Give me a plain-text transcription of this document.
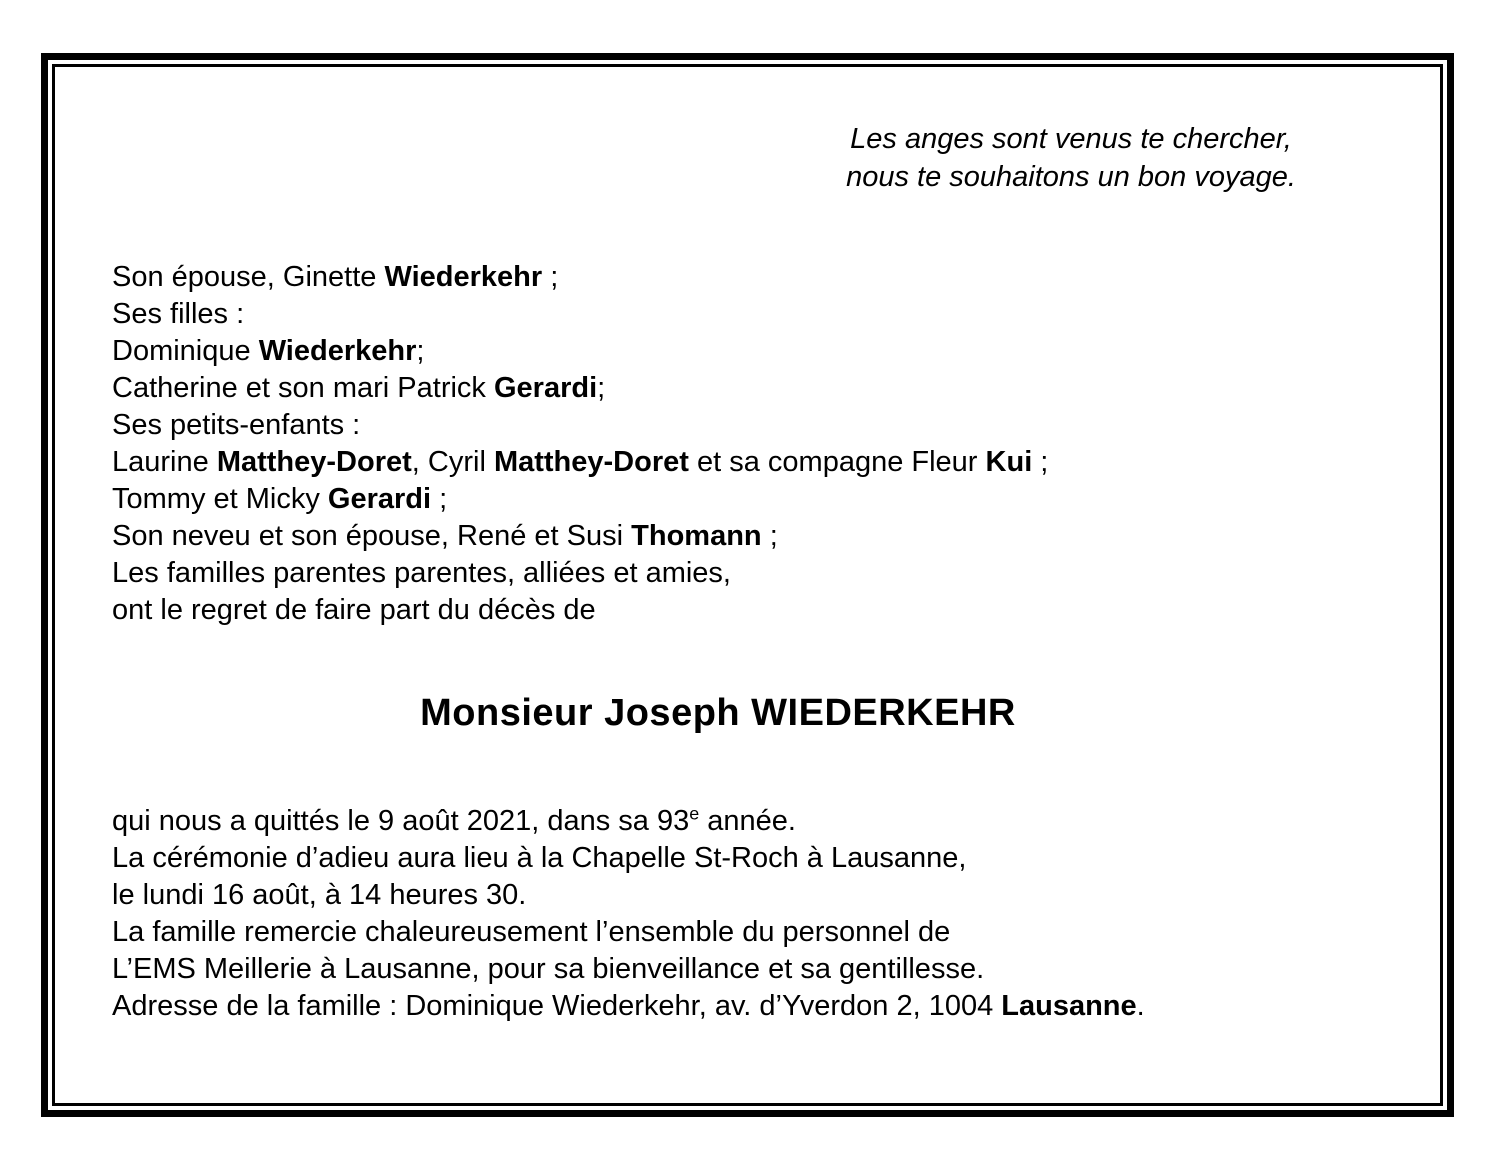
Les anges sont venus te chercher,
nous te souhaitons un bon voyage.
Son épouse, Ginette Wiederkehr ;
Ses filles :
Dominique Wiederkehr;
Catherine et son mari Patrick Gerardi;
Ses petits-enfants :
Laurine Matthey-Doret, Cyril Matthey-Doret et sa compagne Fleur Kui ;
Tommy et Micky Gerardi ;
Son neveu et son épouse, René et Susi Thomann ;
Les familles parentes parentes, alliées et amies,
ont le regret de faire part du décès de
Monsieur Joseph WIEDERKEHR
qui nous a quittés le 9 août 2021, dans sa 93e année.
La cérémonie d’adieu aura lieu à la Chapelle St-Roch à Lausanne,
le lundi 16 août, à 14 heures 30.
La famille remercie chaleureusement l’ensemble du personnel de
L’EMS Meillerie à Lausanne, pour sa bienveillance et sa gentillesse.
Adresse de la famille : Dominique Wiederkehr, av. d’Yverdon 2, 1004 Lausanne.
